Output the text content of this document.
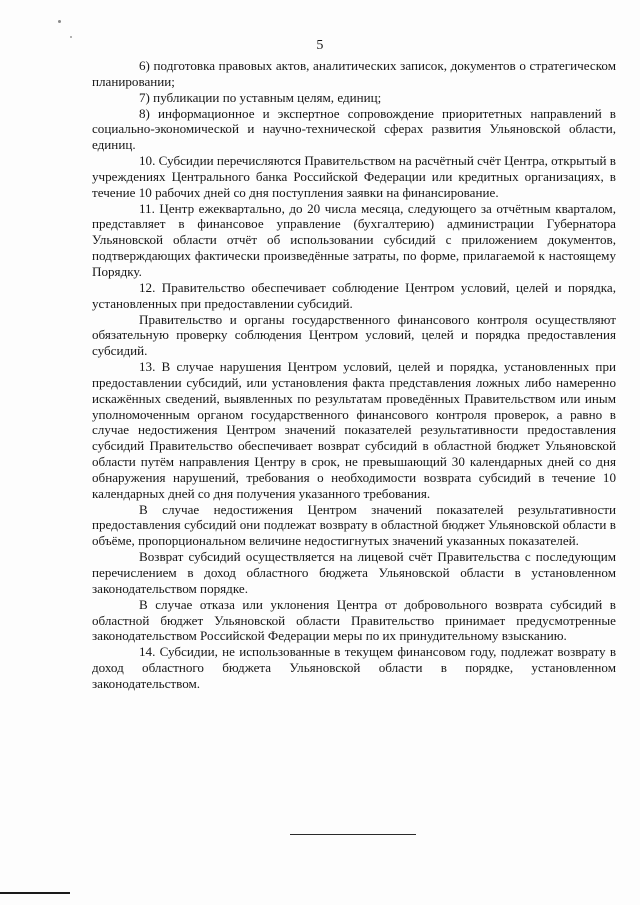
5

6) подготовка правовых актов, аналитических записок, документов о стратегическом планировании;

7) публикации по уставным целям, единиц;

8) информационное и экспертное сопровождение приоритетных направлений в социально-экономической и научно-технической сферах развития Ульяновской области, единиц.

10. Субсидии перечисляются Правительством на расчётный счёт Центра, открытый в учреждениях Центрального банка Российской Федерации или кредитных организациях, в течение 10 рабочих дней со дня поступления заявки на финансирование.

11. Центр ежеквартально, до 20 числа месяца, следующего за отчётным кварталом, представляет в финансовое управление (бухгалтерию) администрации Губернатора Ульяновской области отчёт об использовании субсидий с приложением документов, подтверждающих фактически произведённые затраты, по форме, прилагаемой к настоящему Порядку.

12. Правительство обеспечивает соблюдение Центром условий, целей и порядка, установленных при предоставлении субсидий.

Правительство и органы государственного финансового контроля осуществляют обязательную проверку соблюдения Центром условий, целей и порядка предоставления субсидий.

13. В случае нарушения Центром условий, целей и порядка, установленных при предоставлении субсидий, или установления факта представления ложных либо намеренно искажённых сведений, выявленных по результатам проведённых Правительством или иным уполномоченным органом государственного финансового контроля проверок, а равно в случае недостижения Центром значений показателей результативности предоставления субсидий Правительство обеспечивает возврат субсидий в областной бюджет Ульяновской области путём направления Центру в срок, не превышающий 30 календарных дней со дня обнаружения нарушений, требования о необходимости возврата субсидий в течение 10 календарных дней со дня получения указанного требования.

В случае недостижения Центром значений показателей результативности предоставления субсидий они подлежат возврату в областной бюджет Ульяновской области в объёме, пропорциональном величине недостигнутых значений указанных показателей.

Возврат субсидий осуществляется на лицевой счёт Правительства с последующим перечислением в доход областного бюджета Ульяновской области в установленном законодательством порядке.

В случае отказа или уклонения Центра от добровольного возврата субсидий в областной бюджет Ульяновской области Правительство принимает предусмотренные законодательством Российской Федерации меры по их принудительному взысканию.

14. Субсидии, не использованные в текущем финансовом году, подлежат возврату в доход областного бюджета Ульяновской области в порядке, установленном законодательством.
